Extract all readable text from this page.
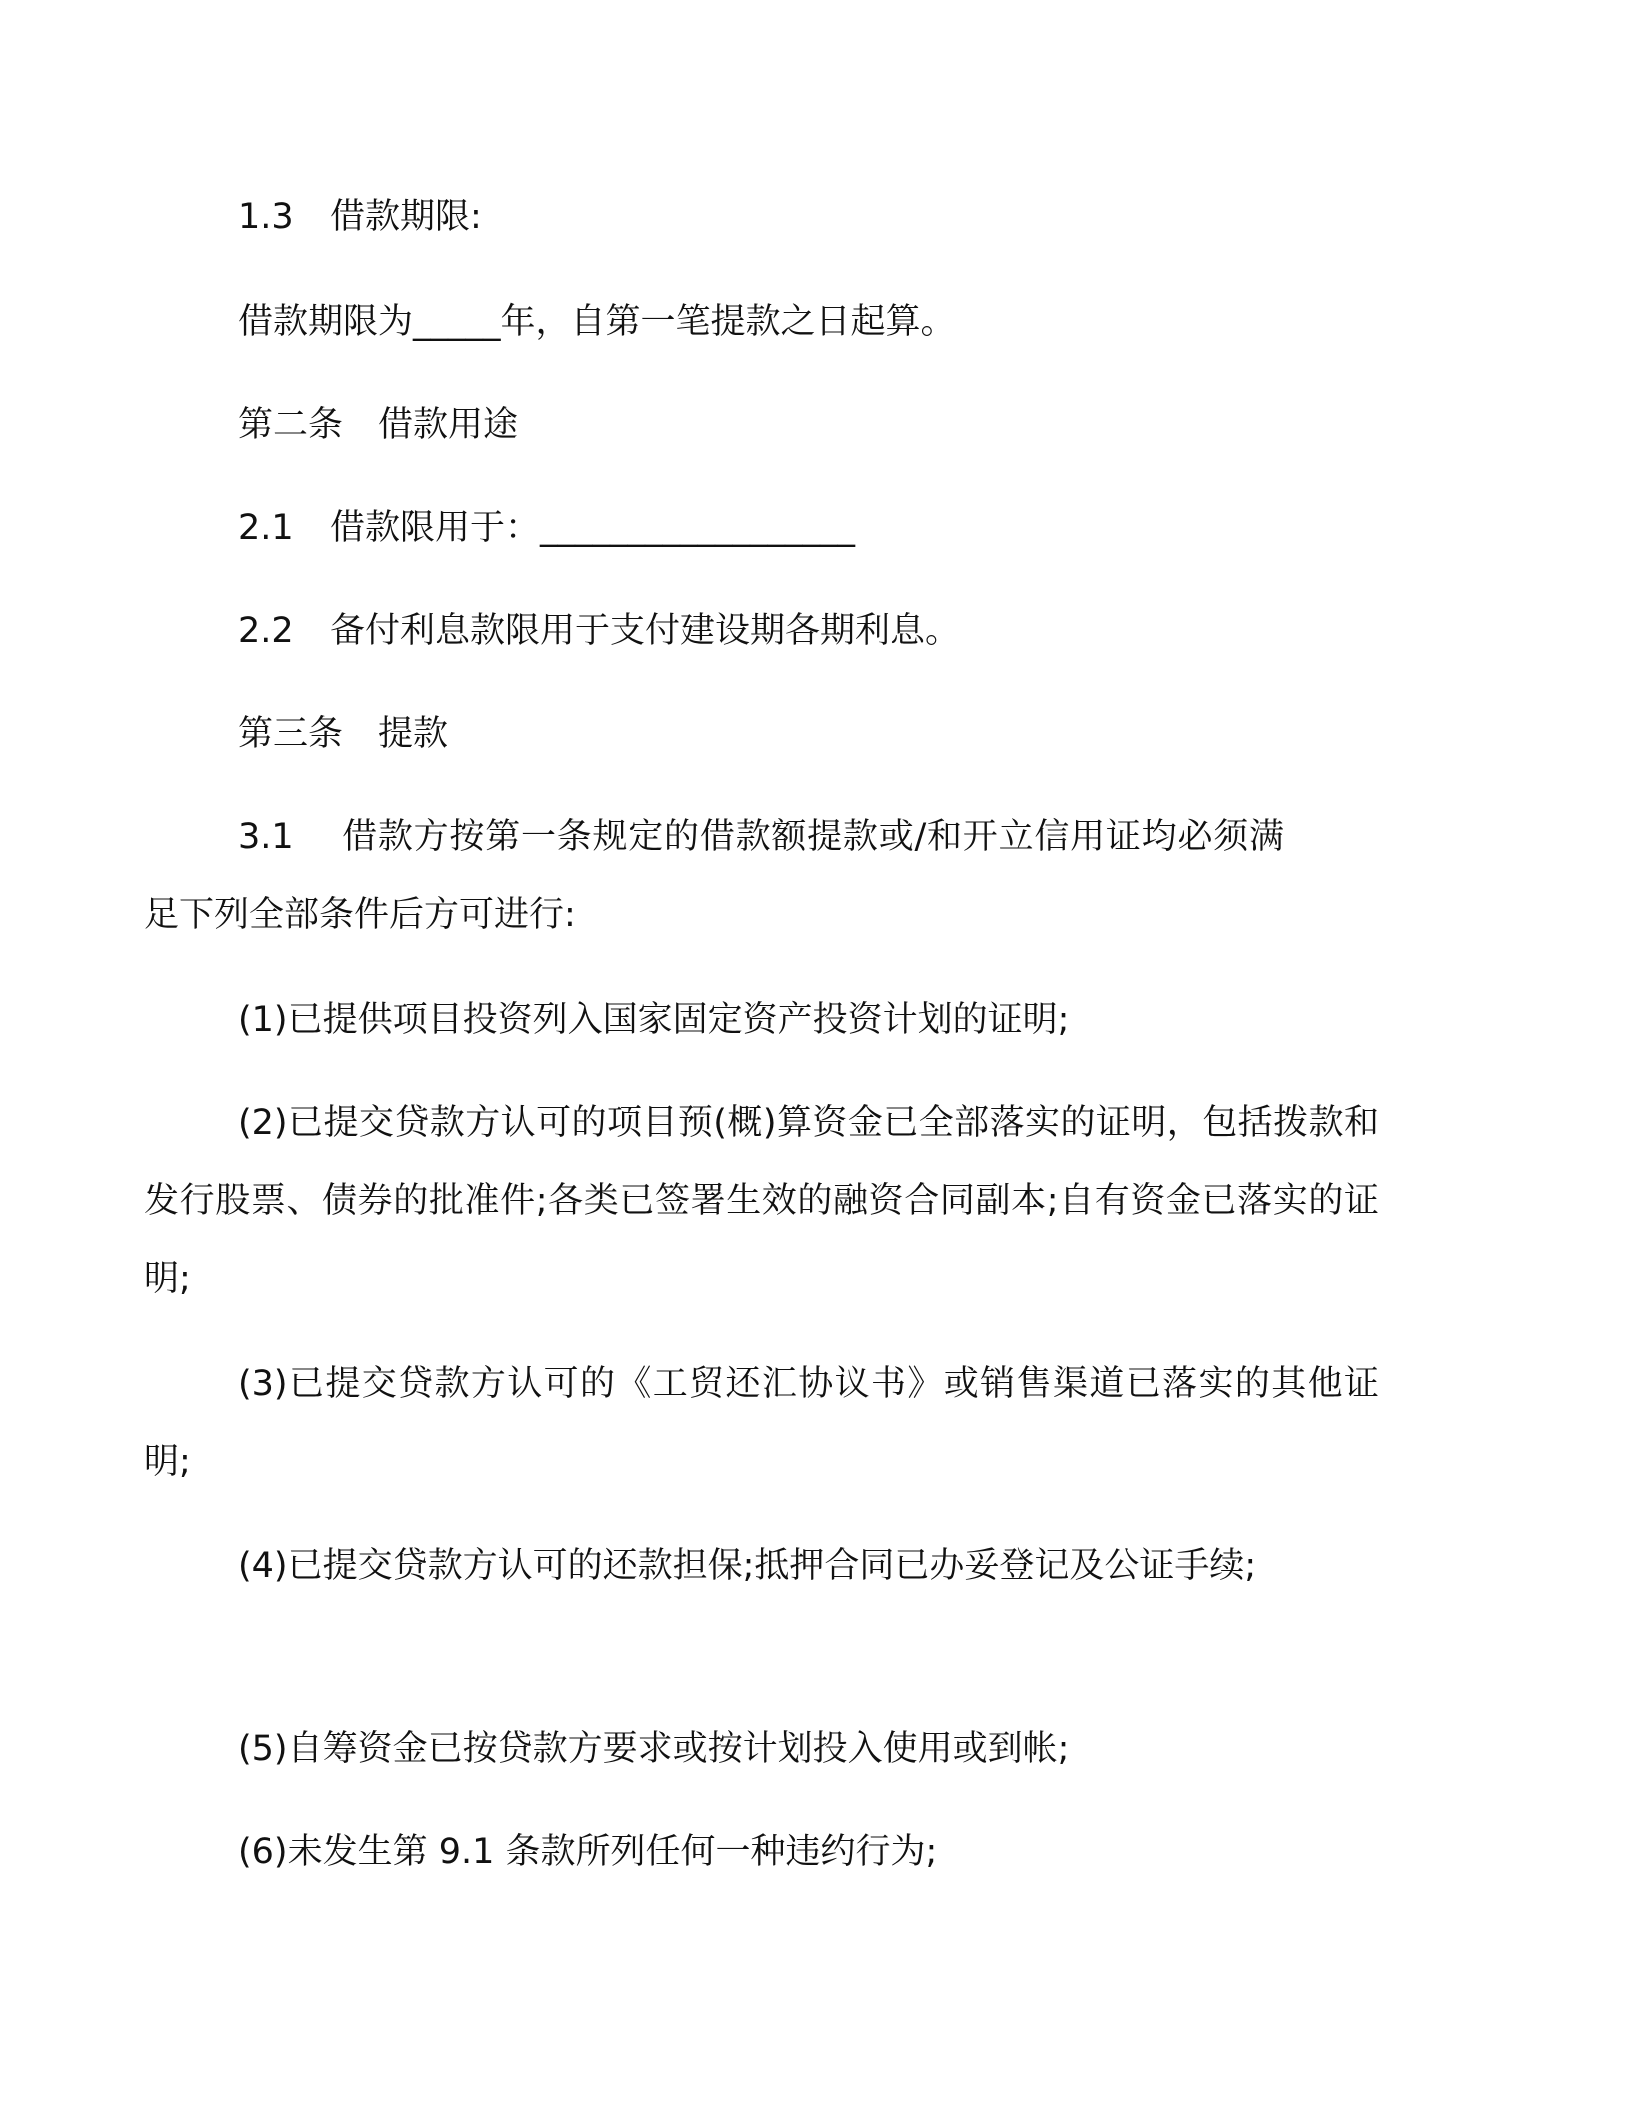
1.3 借款期限:

借款期限为_____年，自第一笔提款之日起算。

第二条　借款用途

2.1 借款限用于：__________________

2.2 备付利息款限用于支付建设期各期利息。

第三条　提款

3.1　 借款方按第一条规定的借款额提款或/和开立信用证均必须满足下列全部条件后方可进行:

(1)已提供项目投资列入国家固定资产投资计划的证明;

(2)已提交贷款方认可的项目预(概)算资金已全部落实的证明，包括拨款和发行股票、债券的批准件;各类已签署生效的融资合同副本;自有资金已落实的证明;

(3)已提交贷款方认可的《工贸还汇协议书》或销售渠道已落实的其他证明;

(4)已提交贷款方认可的还款担保;抵押合同已办妥登记及公证手续;

(5)自筹资金已按贷款方要求或按计划投入使用或到帐;

(6)未发生第 9.1 条款所列任何一种违约行为;
